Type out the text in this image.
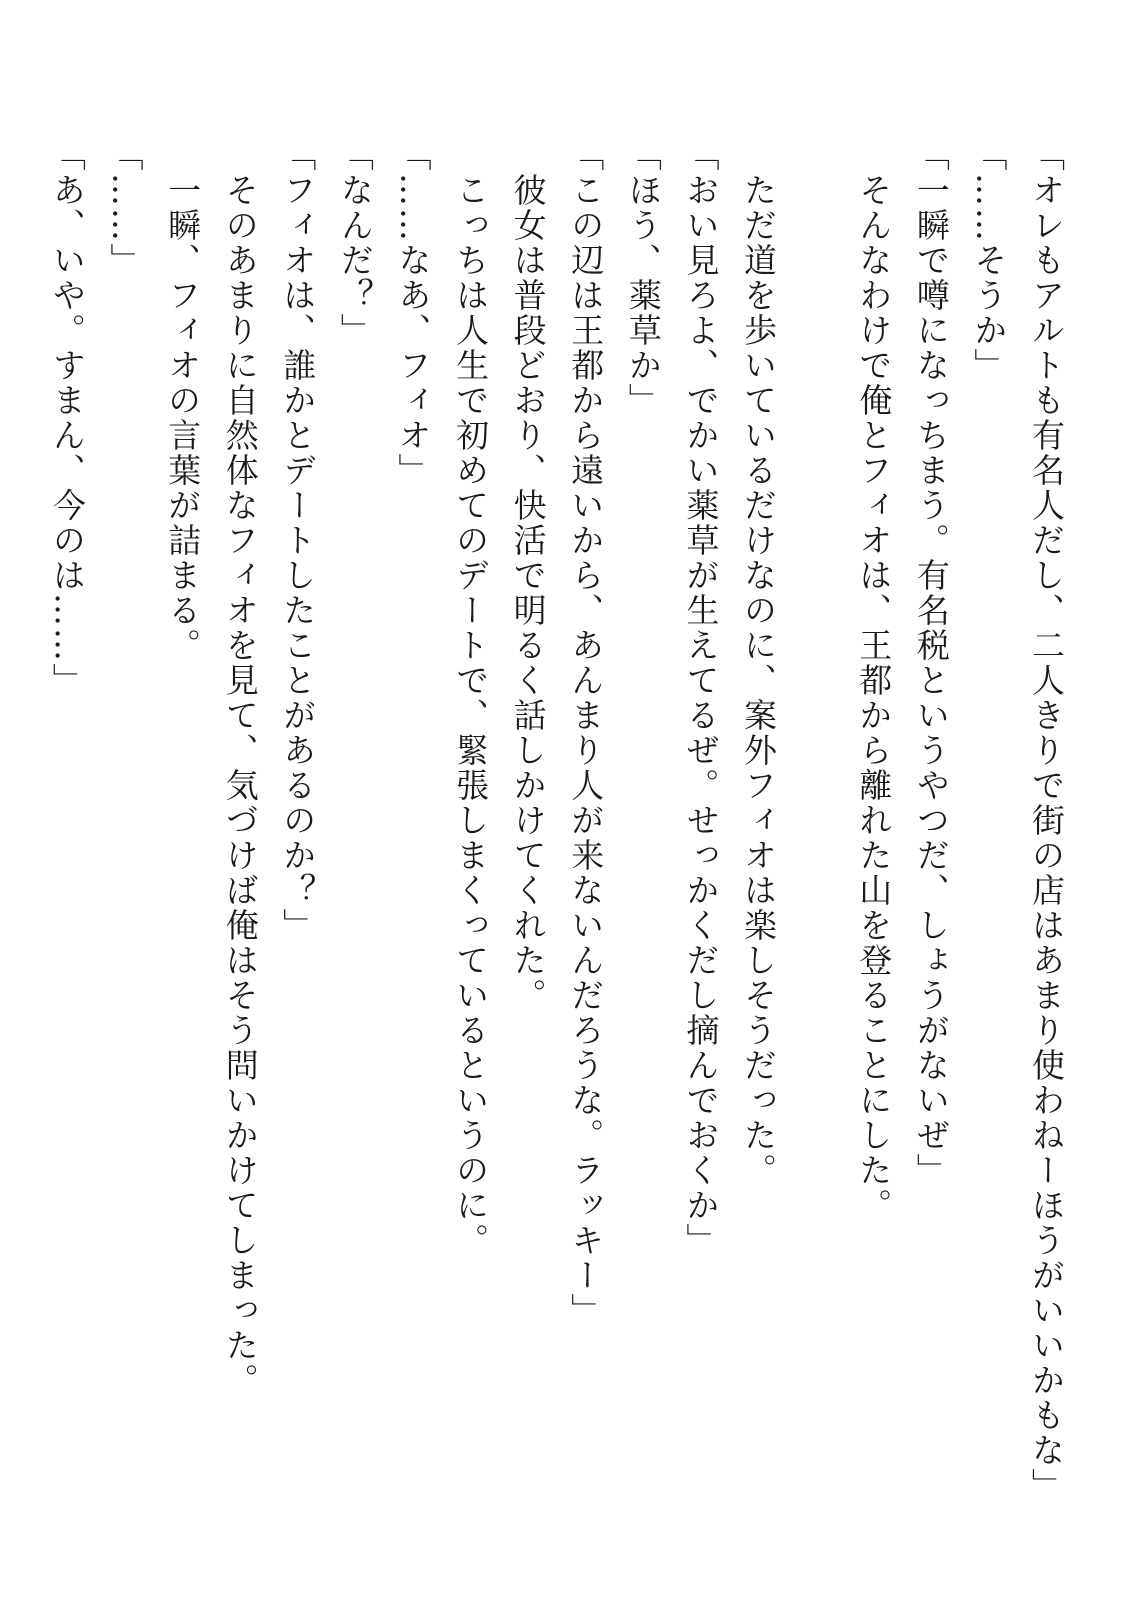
「オレもアルトも有名人だし、二人きりで街の店はあまり使わねーほうがいいかもな」
「……そうか」
「一瞬で噂になっちまう。有名税というやつだ、しょうがないぜ」
　そんなわけで俺とフィオは、王都から離れた山を登ることにした。

　ただ道を歩いているだけなのに、案外フィオは楽しそうだった。
「おい見ろよ、でかい薬草が生えてるぜ。せっかくだし摘んでおくか」
「ほう、薬草か」
「この辺は王都から遠いから、あんまり人が来ないんだろうな。ラッキー」
　彼女は普段どおり、快活で明るく話しかけてくれた。
　こっちは人生で初めてのデートで、緊張しまくっているというのに。
「……なあ、フィオ」
「なんだ？」
「フィオは、誰かとデートしたことがあるのか？」
　そのあまりに自然体なフィオを見て、気づけば俺はそう問いかけてしまった。
　一瞬、フィオの言葉が詰まる。
「……」
「あ、いや。すまん、今のは……」
